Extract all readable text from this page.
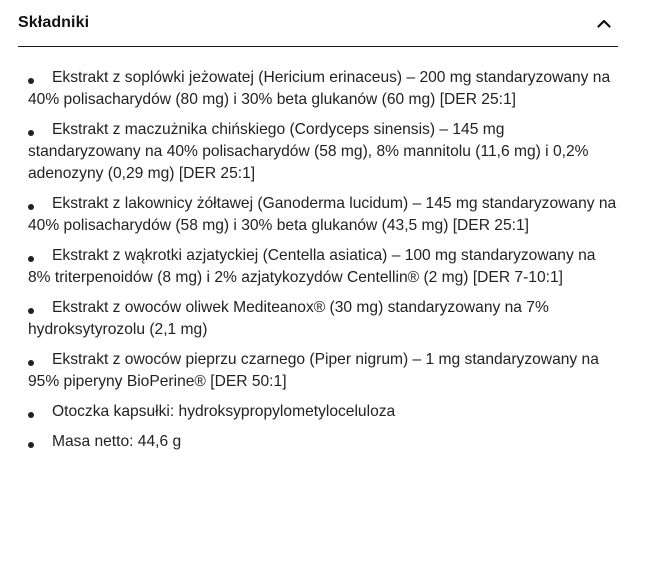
Składniki
Ekstrakt z soplówki jeżowatej (Hericium erinaceus) – 200 mg standaryzowany na 40% polisacharydów (80 mg) i 30% beta glukanów (60 mg) [DER 25:1]
Ekstrakt z maczużnika chińskiego (Cordyceps sinensis) – 145 mg standaryzowany na 40% polisacharydów (58 mg), 8% mannitolu (11,6 mg) i 0,2% adenozyny (0,29 mg) [DER 25:1]
Ekstrakt z lakownicy żółtawej (Ganoderma lucidum) – 145 mg standaryzowany na 40% polisacharydów (58 mg) i 30% beta glukanów (43,5 mg) [DER 25:1]
Ekstrakt z wąkrotki azjatyckiej (Centella asiatica) – 100 mg standaryzowany na 8% triterpenoidów (8 mg) i 2% azjatykozydów Centellin® (2 mg) [DER 7-10:1]
Ekstrakt z owoców oliwek Mediteanox® (30 mg) standaryzowany na 7% hydroksytyrozolu (2,1 mg)
Ekstrakt z owoców pieprzu czarnego (Piper nigrum) – 1 mg standaryzowany na 95% piperyny BioPerine® [DER 50:1]
Otoczka kapsułki: hydroksypropylometyloceluloza
Masa netto: 44,6 g
